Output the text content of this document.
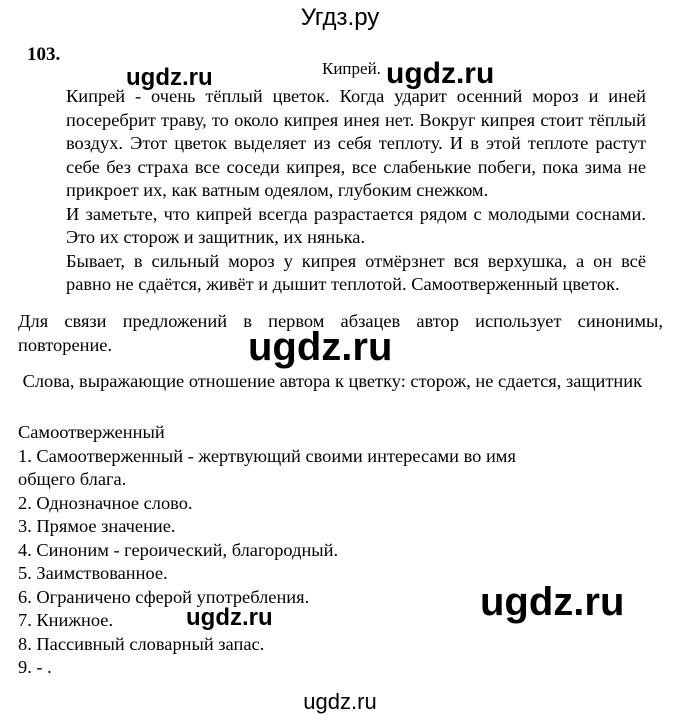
Угдз.ру
103.
Кипрей.

Кипрей - очень тёплый цветок. Когда ударит осенний мороз и иней посеребрит траву, то около кипрея инея нет. Вокруг кипрея стоит тёплый воздух. Этот цветок выделяет из себя теплоту. И в этой теплоте растут себе без страха все соседи кипрея, все слабенькие побеги, пока зима не прикроет их, как ватным одеялом, глубоким снежком.

И заметьте, что кипрей всегда разрастается рядом с молодыми соснами. Это их сторож и защитник, их нянька.

Бывает, в сильный мороз у кипрея отмёрзнет вся верхушка, а он всё равно не сдаётся, живёт и дышит теплотой. Самоотверженный цветок.

Для связи предложений в первом абзацев автор использует синонимы, повторение.

Слова, выражающие отношение автора к цветку: сторож, не сдается, защитник

Самоотверженный
1. Самоотверженный - жертвующий своими интересами во имя общего блага.
2. Однозначное слово.
3. Прямое значение.
4. Синоним - героический, благородный.
5. Заимствованное.
6. Ограничено сферой употребления.
7. Книжное.
8. Пассивный словарный запас.
9. - .
ugdz.ru	ugdz.ru
ugdz.ru
ugdz.ru	ugdz.ru
ugdz.ru
